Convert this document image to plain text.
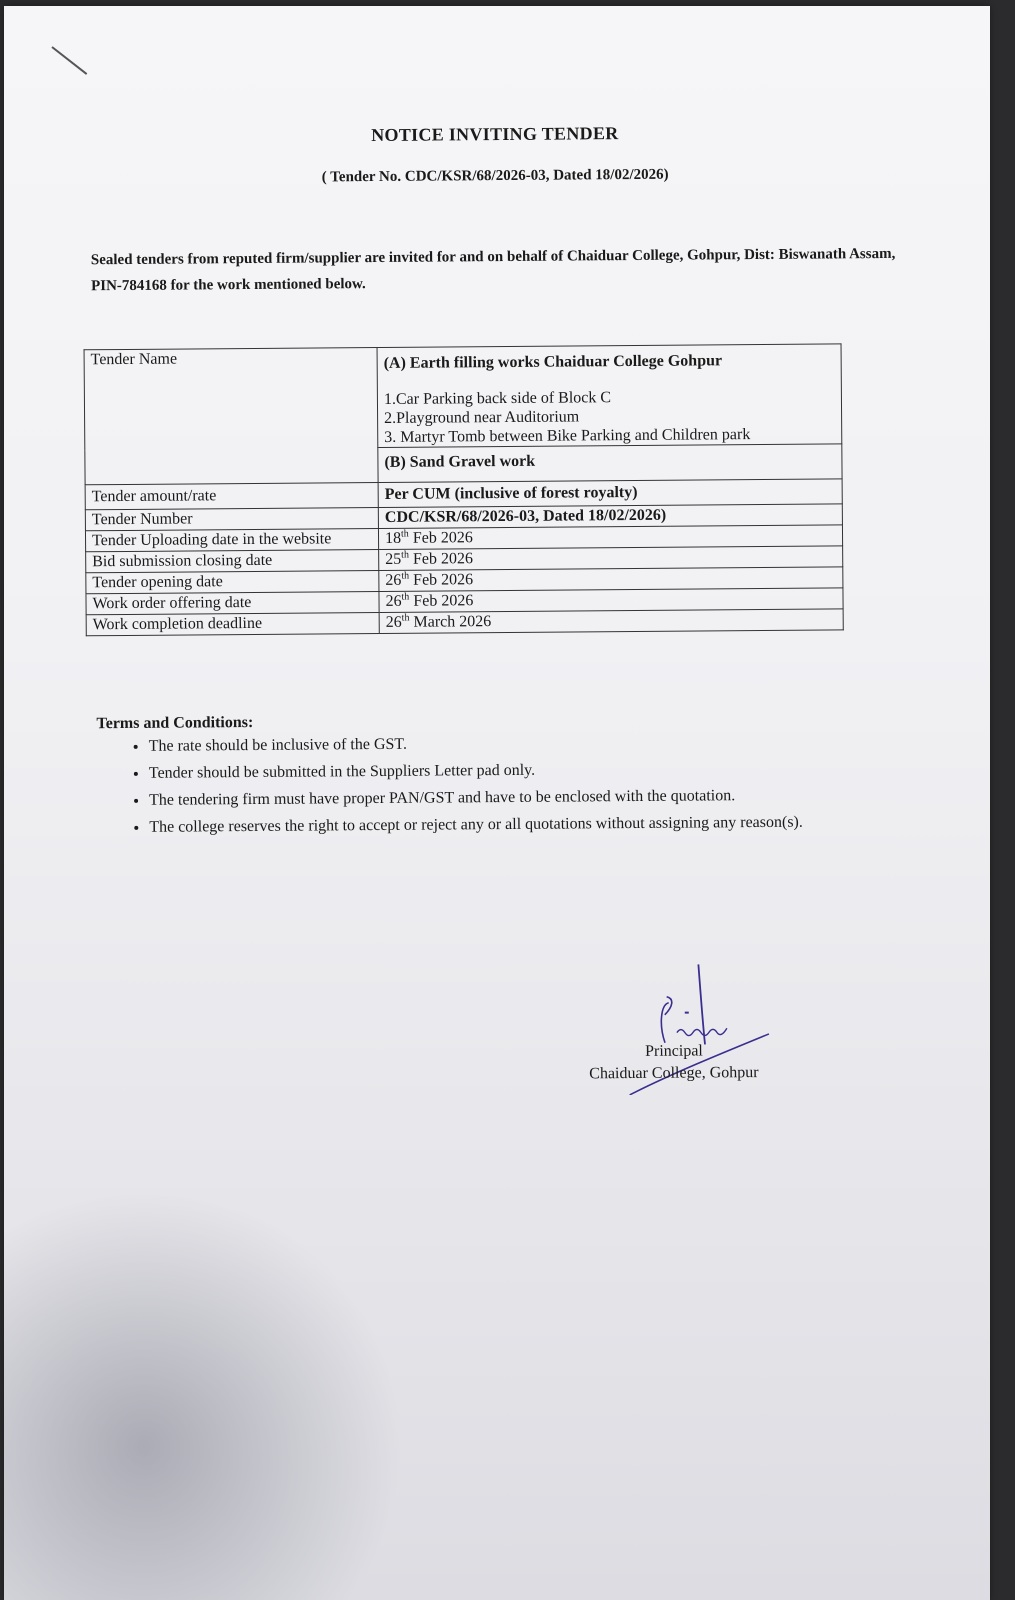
NOTICE INVITING TENDER
( Tender No. CDC/KSR/68/2026-03, Dated 18/02/2026)
Sealed tenders from reputed firm/supplier are invited for and on behalf of Chaiduar College, Gohpur, Dist: Biswanath Assam, PIN-784168 for the work mentioned below.
Tender Name	(A) Earth filling works Chaiduar College Gohpur
1.Car Parking back side of Block C
2.Playground near Auditorium
3. Martyr Tomb between Bike Parking and Children park

	(B) Sand Gravel work
Tender amount/rate	Per CUM (inclusive of forest royalty)
Tender Number	CDC/KSR/68/2026-03, Dated 18/02/2026)
Tender Uploading date in the website	18th Feb 2026
Bid submission closing date	25th Feb 2026
Tender opening date	26th Feb 2026
Work order offering date	26th Feb 2026
Work completion deadline	26th March 2026
Terms and Conditions:
• The rate should be inclusive of the GST.
• Tender should be submitted in the Suppliers Letter pad only.
• The tendering firm must have proper PAN/GST and have to be enclosed with the quotation.
• The college reserves the right to accept or reject any or all quotations without assigning any reason(s).
Principal
Chaiduar College, Gohpur
